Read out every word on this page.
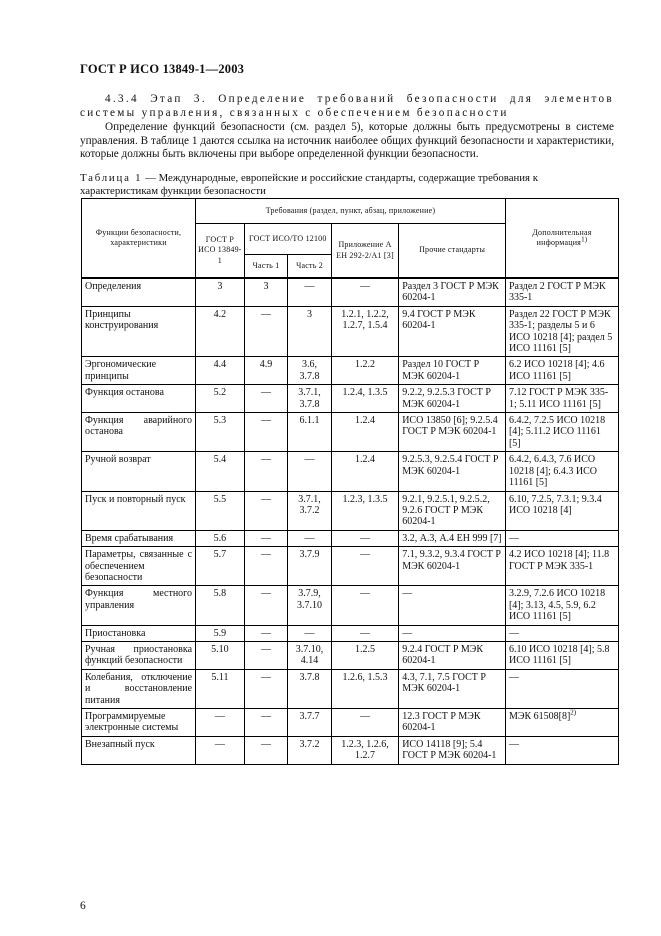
ГОСТ Р ИСО 13849-1—2003
4.3.4 Этап 3. Определение требований безопасности для элементов системы управления, связанных с обеспечением безопасности
Определение функций безопасности (см. раздел 5), которые должны быть предусмотрены в системе управления. В таблице 1 даются ссылка на источник наиболее общих функций безопасности и характеристики, которые должны быть включены при выборе определенной функции безопасности.
Таблица 1 — Международные, европейские и российские стандарты, содержащие требования к характеристикам функции безопасности
Функции безопасности, характеристики	Требования (раздел, пункт, абзац, приложение)					Дополнительная информация$^{1)}$
	ГОСТ Р ИСО 13849-1	ГОСТ ИСО/ТО 12100		Приложение А ЕН 292-2/А1 [3]	Прочие стандарты	
		Часть 1	Часть 2			
Определения	3	3	—	—	Раздел 3 ГОСТ Р МЭК 60204-1	Раздел 2 ГОСТ Р МЭК 335-1
Принципы конструирования	4.2	—	3	1.2.1, 1.2.2, 1.2.7, 1.5.4	9.4 ГОСТ Р МЭК 60204-1	Раздел 22 ГОСТ Р МЭК 335-1; разделы 5 и 6 ИСО 10218 [4]; раздел 5 ИСО 11161 [5]
Эргономические принципы	4.4	4.9	3.6, 3.7.8	1.2.2	Раздел 10 ГОСТ Р МЭК 60204-1	6.2 ИСО 10218 [4]; 4.6 ИСО 11161 [5]
Функция останова	5.2	—	3.7.1, 3.7.8	1.2.4, 1.3.5	9.2.2, 9.2.5.3 ГОСТ Р МЭК 60204-1	7.12 ГОСТ Р МЭК 335-1; 5.11 ИСО 11161 [5]
Функция аварийного останова	5.3	—	6.1.1	1.2.4	ИСО 13850 [6]; 9.2.5.4 ГОСТ Р МЭК 60204-1	6.4.2, 7.2.5 ИСО 10218 [4]; 5.11.2 ИСО 11161 [5]
Ручной возврат	5.4	—	—	1.2.4	9.2.5.3, 9.2.5.4 ГОСТ Р МЭК 60204-1	6.4.2, 6.4.3, 7.6 ИСО 10218 [4]; 6.4.3 ИСО 11161 [5]
Пуск и повторный пуск	5.5	—	3.7.1, 3.7.2	1.2.3, 1.3.5	9.2.1, 9.2.5.1, 9.2.5.2, 9.2.6 ГОСТ Р МЭК 60204-1	6.10, 7.2.5, 7.3.1; 9.3.4 ИСО 10218 [4]
Время срабатывания	5.6	—	—	—	3.2, А.3, А.4 ЕН 999 [7]	—
Параметры, связанные с обеспечением безопасности	5.7	—	3.7.9	—	7.1, 9.3.2, 9.3.4 ГОСТ Р МЭК 60204-1	4.2 ИСО 10218 [4]; 11.8 ГОСТ Р МЭК 335-1
Функция местного управления	5.8	—	3.7.9, 3.7.10	—	—	3.2.9, 7.2.6 ИСО 10218 [4]; 3.13, 4.5, 5.9, 6.2 ИСО 11161 [5]
Приостановка	5.9	—	—	—	—	—
Ручная приостановка функций безопасности	5.10	—	3.7.10, 4.14	1.2.5	9.2.4 ГОСТ Р МЭК 60204-1	6.10 ИСО 10218 [4]; 5.8 ИСО 11161 [5]
Колебания, отключение и восстановление питания	5.11	—	3.7.8	1.2.6, 1.5.3	4.3, 7.1, 7.5 ГОСТ Р МЭК 60204-1	—
Программируемые электронные системы	—	—	3.7.7	—	12.3 ГОСТ Р МЭК 60204-1	МЭК $61508[8]^{2)}$
Внезапный пуск	—	—	3.7.2	1.2.3, 1.2.6, 1.2.7	ИСО 14118 [9]; 5.4 ГОСТ Р МЭК 60204-1	—
6
